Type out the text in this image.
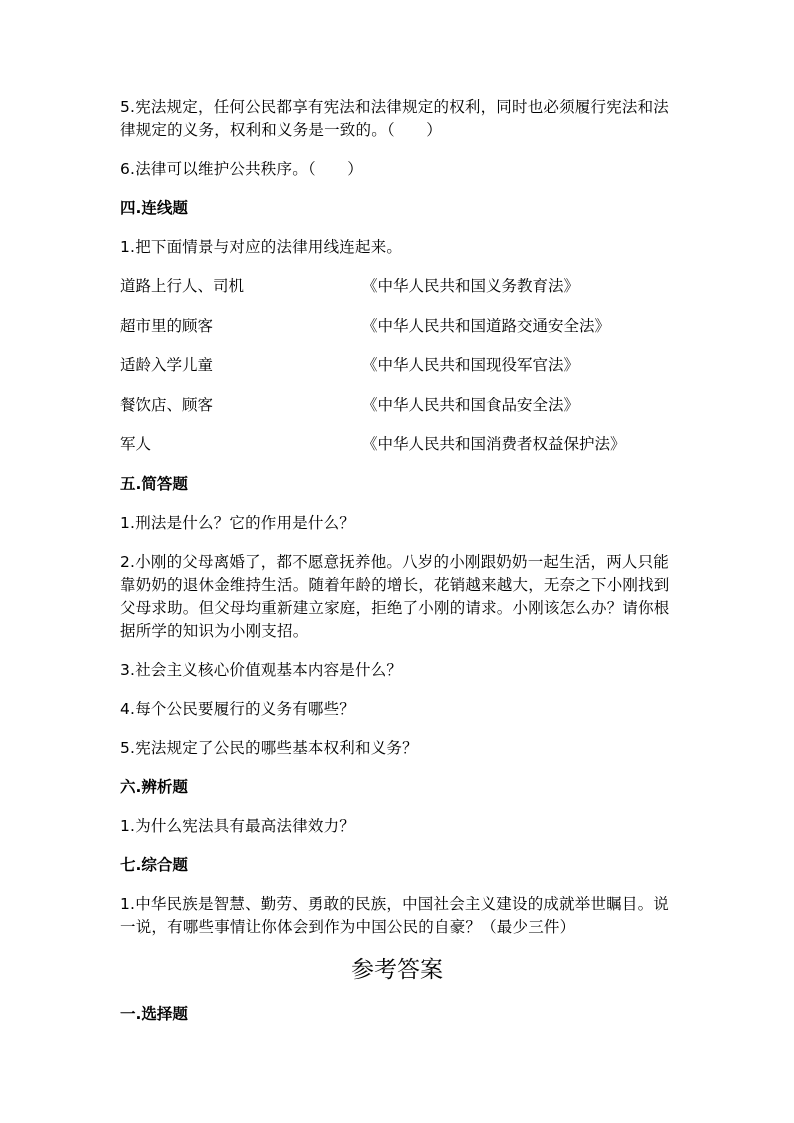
5.宪法规定，任何公民都享有宪法和法律规定的权利，同时也必须履行宪法和法律规定的义务，权利和义务是一致的。（　　）

6.法律可以维护公共秩序。（　　）

四.连线题

1.把下面情景与对应的法律用线连起来。

道路上行人、司机	《中华人民共和国义务教育法》
超市里的顾客	《中华人民共和国道路交通安全法》
适龄入学儿童	《中华人民共和国现役军官法》
餐饮店、顾客	《中华人民共和国食品安全法》
军人	《中华人民共和国消费者权益保护法》
五.简答题

1.刑法是什么？它的作用是什么？

2.小刚的父母离婚了，都不愿意抚养他。八岁的小刚跟奶奶一起生活，两人只能靠奶奶的退休金维持生活。随着年龄的增长，花销越来越大，无奈之下小刚找到父母求助。但父母均重新建立家庭，拒绝了小刚的请求。小刚该怎么办？请你根据所学的知识为小刚支招。

3.社会主义核心价值观基本内容是什么？

4.每个公民要履行的义务有哪些？

5.宪法规定了公民的哪些基本权利和义务？

六.辨析题

1.为什么宪法具有最高法律效力？

七.综合题

1.中华民族是智慧、勤劳、勇敢的民族，中国社会主义建设的成就举世瞩目。说一说，有哪些事情让你体会到作为中国公民的自豪？（最少三件）

参考答案
一.选择题
